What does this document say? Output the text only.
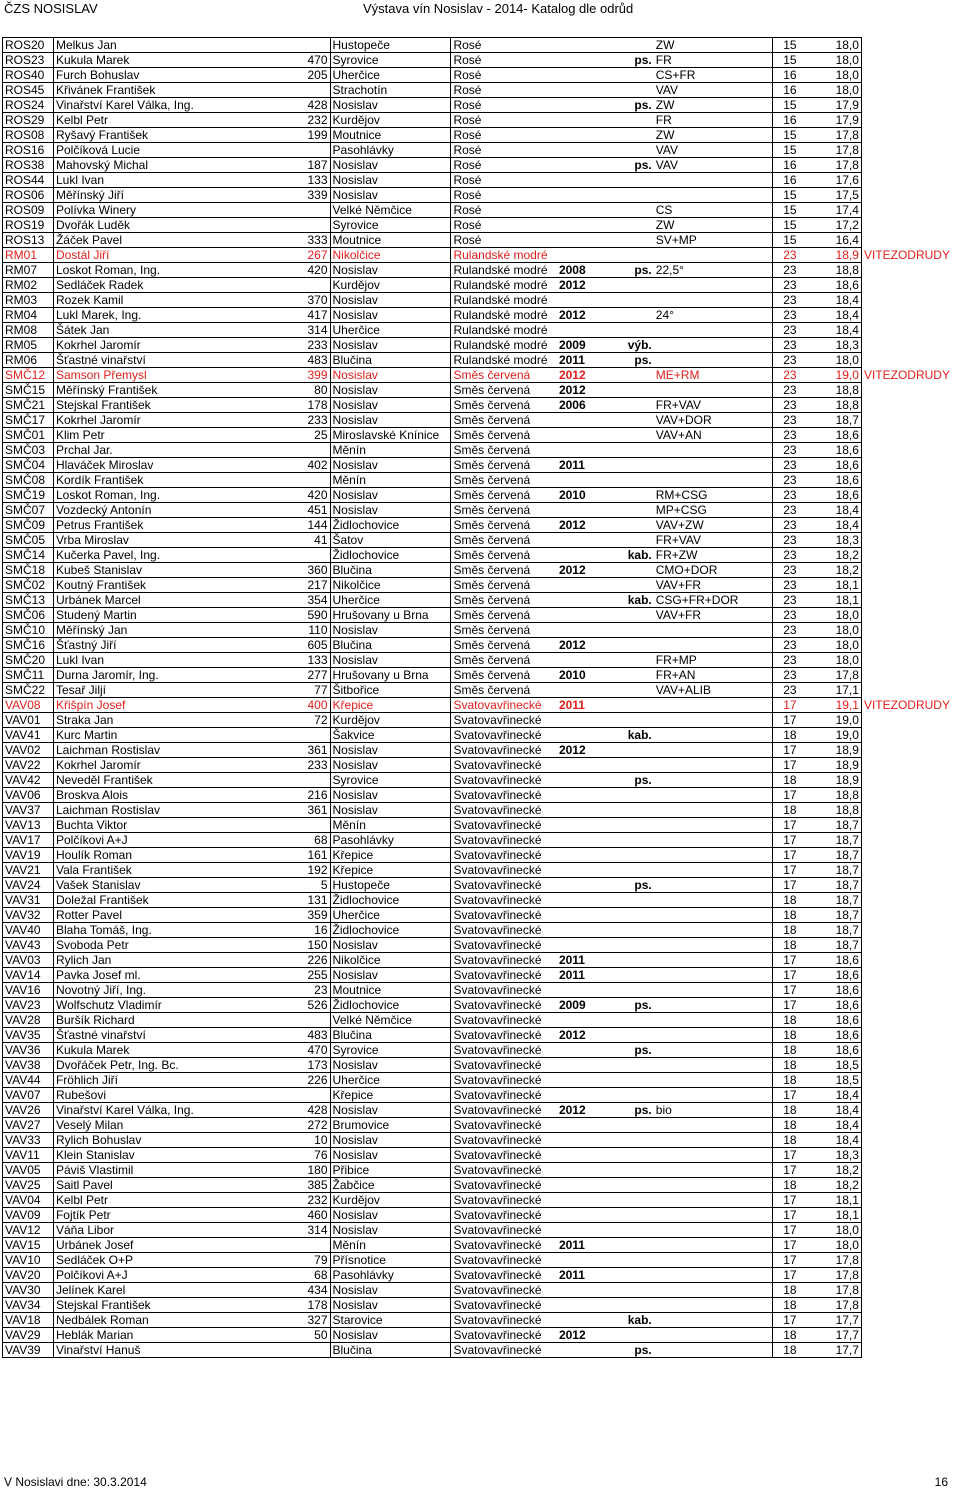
ČZS NOSISLAV	Výstava vín Nosislav - 2014- Katalog dle odrůd
ROS20	Melkus Jan		Hustopeče	Rosé			ZW	15	18,0	
ROS23	Kukula Marek	470	Syrovice	Rosé		ps.	FR	15	18,0	
ROS40	Furch Bohuslav	205	Uherčice	Rosé			CS+FR	16	18,0	
ROS45	Křivánek František		Strachotín	Rosé			VAV	16	18,0	
ROS24	Vinařství Karel Válka, Ing.	428	Nosislav	Rosé		ps.	ZW	15	17,9	
ROS29	Kelbl Petr	232	Kurdějov	Rosé			FR	16	17,9	
ROS08	Ryšavý František	199	Moutnice	Rosé			ZW	15	17,8	
ROS16	Polčíková Lucie		Pasohlávky	Rosé			VAV	15	17,8	
ROS38	Mahovský Michal	187	Nosislav	Rosé		ps.	VAV	16	17,8	
ROS44	Lukl Ivan	133	Nosislav	Rosé				16	17,6	
ROS06	Měřínský Jiří	339	Nosislav	Rosé				15	17,5	
ROS09	Polívka Winery		Velké Němčice	Rosé			CS	15	17,4	
ROS19	Dvořák Luděk		Syrovice	Rosé			ZW	15	17,2	
ROS13	Žáček Pavel	333	Moutnice	Rosé			SV+MP	15	16,4	
RM01	Dostál Jiří	267	Nikolčice	Rulandské modré				23	18,9	VITEZODRUDY
RM07	Loskot Roman, Ing.	420	Nosislav	Rulandské modré	2008	ps.	22,5°	23	18,8	
RM02	Sedláček Radek		Kurdějov	Rulandské modré	2012			23	18,6	
RM03	Rozek Kamil	370	Nosislav	Rulandské modré				23	18,4	
RM04	Lukl Marek, Ing.	417	Nosislav	Rulandské modré	2012		24°	23	18,4	
RM08	Šátek Jan	314	Uherčice	Rulandské modré				23	18,4	
RM05	Kokrhel Jaromír	233	Nosislav	Rulandské modré	2009	výb.		23	18,3	
RM06	Šťastné vinařství	483	Blučina	Rulandské modré	2011	ps.		23	18,0	
SMČ12	Samson Přemysl	399	Nosislav	Směs červená	2012		ME+RM	23	19,0	VITEZODRUDY
SMČ15	Měřínský František	80	Nosislav	Směs červená	2012			23	18,8	
SMČ21	Stejskal František	178	Nosislav	Směs červená	2006		FR+VAV	23	18,8	
SMČ17	Kokrhel Jaromír	233	Nosislav	Směs červená			VAV+DOR	23	18,7	
SMČ01	Klim Petr	25	Miroslavské Knínice	Směs červená			VAV+AN	23	18,6	
SMČ03	Prchal Jar.		Měnín	Směs červená				23	18,6	
SMČ04	Hlaváček Miroslav	402	Nosislav	Směs červená	2011			23	18,6	
SMČ08	Kordík František		Měnín	Směs červená				23	18,6	
SMČ19	Loskot Roman, Ing.	420	Nosislav	Směs červená	2010		RM+CSG	23	18,6	
SMČ07	Vozdecký Antonín	451	Nosislav	Směs červená			MP+CSG	23	18,4	
SMČ09	Petrus František	144	Židlochovice	Směs červená	2012		VAV+ZW	23	18,4	
SMČ05	Vrba Miroslav	41	Šatov	Směs červená			FR+VAV	23	18,3	
SMČ14	Kučerka Pavel, Ing.		Židlochovice	Směs červená		kab.	FR+ZW	23	18,2	
SMČ18	Kubeš Stanislav	360	Blučina	Směs červená	2012		CMO+DOR	23	18,2	
SMČ02	Koutný František	217	Nikolčice	Směs červená			VAV+FR	23	18,1	
SMČ13	Urbánek Marcel	354	Uherčice	Směs červená		kab.	CSG+FR+DOR	23	18,1	
SMČ06	Studený Martin	590	Hrušovany u Brna	Směs červená			VAV+FR	23	18,0	
SMČ10	Měřínský Jan	110	Nosislav	Směs červená				23	18,0	
SMČ16	Šťastný Jiří	605	Blučina	Směs červená	2012			23	18,0	
SMČ20	Lukl Ivan	133	Nosislav	Směs červená			FR+MP	23	18,0	
SMČ11	Durna Jaromír, Ing.	277	Hrušovany u Brna	Směs červená	2010		FR+AN	23	17,8	
SMČ22	Tesař Jiljí	77	Šitbořice	Směs červená			VAV+ALIB	23	17,1	
VAV08	Křišpín Josef	400	Křepice	Svatovavřinecké	2011			17	19,1	VITEZODRUDY
VAV01	Straka Jan	72	Kurdějov	Svatovavřinecké				17	19,0	
VAV41	Kurc Martin		Šakvice	Svatovavřinecké		kab.		18	19,0	
VAV02	Laichman Rostislav	361	Nosislav	Svatovavřinecké	2012			17	18,9	
VAV22	Kokrhel Jaromír	233	Nosislav	Svatovavřinecké				17	18,9	
VAV42	Neveděl František		Syrovice	Svatovavřinecké		ps.		18	18,9	
VAV06	Broskva Alois	216	Nosislav	Svatovavřinecké				17	18,8	
VAV37	Laichman Rostislav	361	Nosislav	Svatovavřinecké				18	18,8	
VAV13	Buchta Viktor		Měnín	Svatovavřinecké				17	18,7	
VAV17	Polčíkovi A+J	68	Pasohlávky	Svatovavřinecké				17	18,7	
VAV19	Houlík Roman	161	Křepice	Svatovavřinecké				17	18,7	
VAV21	Vala František	192	Křepice	Svatovavřinecké				17	18,7	
VAV24	Vašek Stanislav	5	Hustopeče	Svatovavřinecké		ps.		17	18,7	
VAV31	Doležal František	131	Židlochovice	Svatovavřinecké				18	18,7	
VAV32	Rotter Pavel	359	Uherčice	Svatovavřinecké				18	18,7	
VAV40	Blaha Tomáš, Ing.	16	Židlochovice	Svatovavřinecké				18	18,7	
VAV43	Svoboda Petr	150	Nosislav	Svatovavřinecké				18	18,7	
VAV03	Rylich Jan	226	Nikolčice	Svatovavřinecké	2011			17	18,6	
VAV14	Pavka Josef ml.	255	Nosislav	Svatovavřinecké	2011			17	18,6	
VAV16	Novotný Jiří, Ing.	23	Moutnice	Svatovavřinecké				17	18,6	
VAV23	Wolfschutz Vladimír	526	Židlochovice	Svatovavřinecké	2009	ps.		17	18,6	
VAV28	Buršík Richard		Velké Němčice	Svatovavřinecké				18	18,6	
VAV35	Šťastné vinařství	483	Blučina	Svatovavřinecké	2012			18	18,6	
VAV36	Kukula Marek	470	Syrovice	Svatovavřinecké		ps.		18	18,6	
VAV38	Dvořáček Petr, Ing. Bc.	173	Nosislav	Svatovavřinecké				18	18,5	
VAV44	Fröhlich Jiří	226	Uherčice	Svatovavřinecké				18	18,5	
VAV07	Rubešovi		Křepice	Svatovavřinecké				17	18,4	
VAV26	Vinařství Karel Válka, Ing.	428	Nosislav	Svatovavřinecké	2012	ps.	bio	18	18,4	
VAV27	Veselý Milan	272	Brumovice	Svatovavřinecké				18	18,4	
VAV33	Rylich Bohuslav	10	Nosislav	Svatovavřinecké				18	18,4	
VAV11	Klein Stanislav	76	Nosislav	Svatovavřinecké				17	18,3	
VAV05	Páviš Vlastimil	180	Přibice	Svatovavřinecké				17	18,2	
VAV25	Saitl Pavel	385	Žabčice	Svatovavřinecké				18	18,2	
VAV04	Kelbl Petr	232	Kurdějov	Svatovavřinecké				17	18,1	
VAV09	Fojtík Petr	460	Nosislav	Svatovavřinecké				17	18,1	
VAV12	Váňa Libor	314	Nosislav	Svatovavřinecké				17	18,0	
VAV15	Urbánek Josef		Měnín	Svatovavřinecké	2011			17	18,0	
VAV10	Sedláček O+P	79	Přísnotice	Svatovavřinecké				17	17,8	
VAV20	Polčíkovi A+J	68	Pasohlávky	Svatovavřinecké	2011			17	17,8	
VAV30	Jelínek Karel	434	Nosislav	Svatovavřinecké				18	17,8	
VAV34	Stejskal František	178	Nosislav	Svatovavřinecké				18	17,8	
VAV18	Nedbálek Roman	327	Starovice	Svatovavřinecké		kab.		17	17,7	
VAV29	Heblák Marian	50	Nosislav	Svatovavřinecké	2012			18	17,7	
VAV39	Vinařství Hanuš		Blučina	Svatovavřinecké		ps.		18	17,7	
V Nosislavi dne: 30.3.2014	16
